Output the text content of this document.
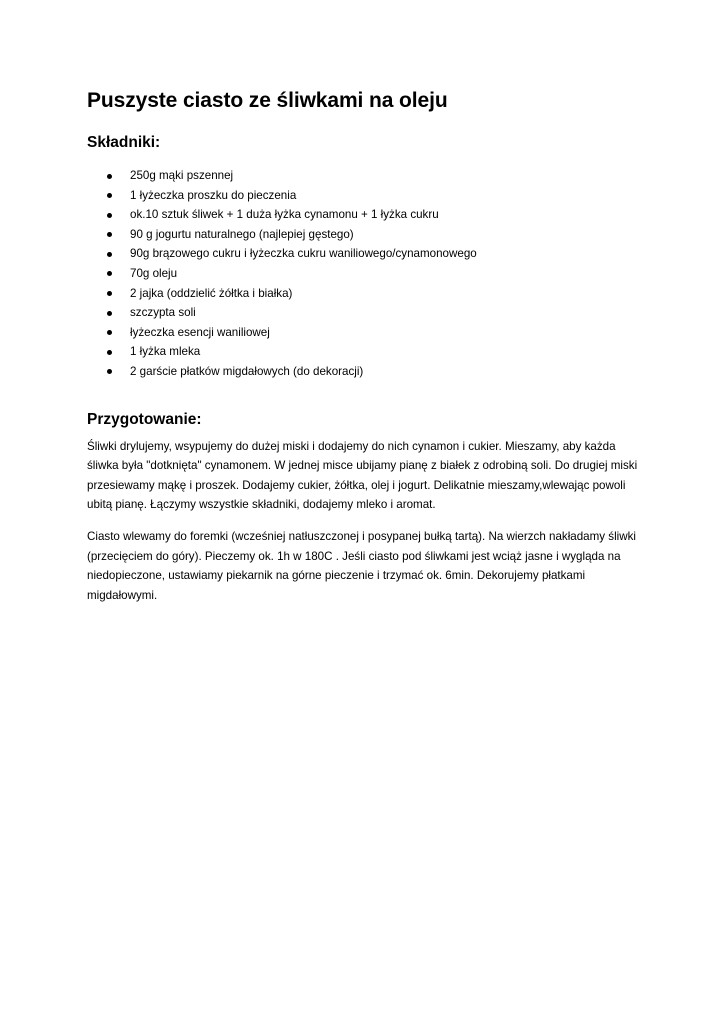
Puszyste ciasto ze śliwkami na oleju
Składniki:
250g mąki pszennej
1 łyżeczka proszku do pieczenia
ok.10 sztuk śliwek + 1 duża łyżka cynamonu + 1 łyżka cukru
90 g jogurtu naturalnego (najlepiej gęstego)
90g brązowego cukru i łyżeczka cukru waniliowego/cynamonowego
70g oleju
2 jajka (oddzielić żółtka i białka)
szczypta soli
łyżeczka esencji waniliowej
1 łyżka mleka
2 garście płatków migdałowych (do dekoracji)
Przygotowanie:

Śliwki drylujemy, wsypujemy do dużej miski i dodajemy do nich cynamon i cukier. Mieszamy, aby każda śliwka była "dotknięta" cynamonem. W jednej misce ubijamy pianę z białek z odrobiną soli. Do drugiej miski przesiewamy mąkę i proszek. Dodajemy cukier, żółtka, olej i jogurt. Delikatnie mieszamy,wlewając powoli ubitą pianę. Łączymy wszystkie składniki, dodajemy mleko i aromat.

Ciasto wlewamy do foremki (wcześniej natłuszczonej i posypanej bułką tartą). Na wierzch nakładamy śliwki (przecięciem do góry). Pieczemy ok. 1h w 180C . Jeśli ciasto pod śliwkami jest wciąż jasne i wygląda na niedopieczone, ustawiamy piekarnik na górne pieczenie i trzymać ok. 6min. Dekorujemy płatkami migdałowymi.
